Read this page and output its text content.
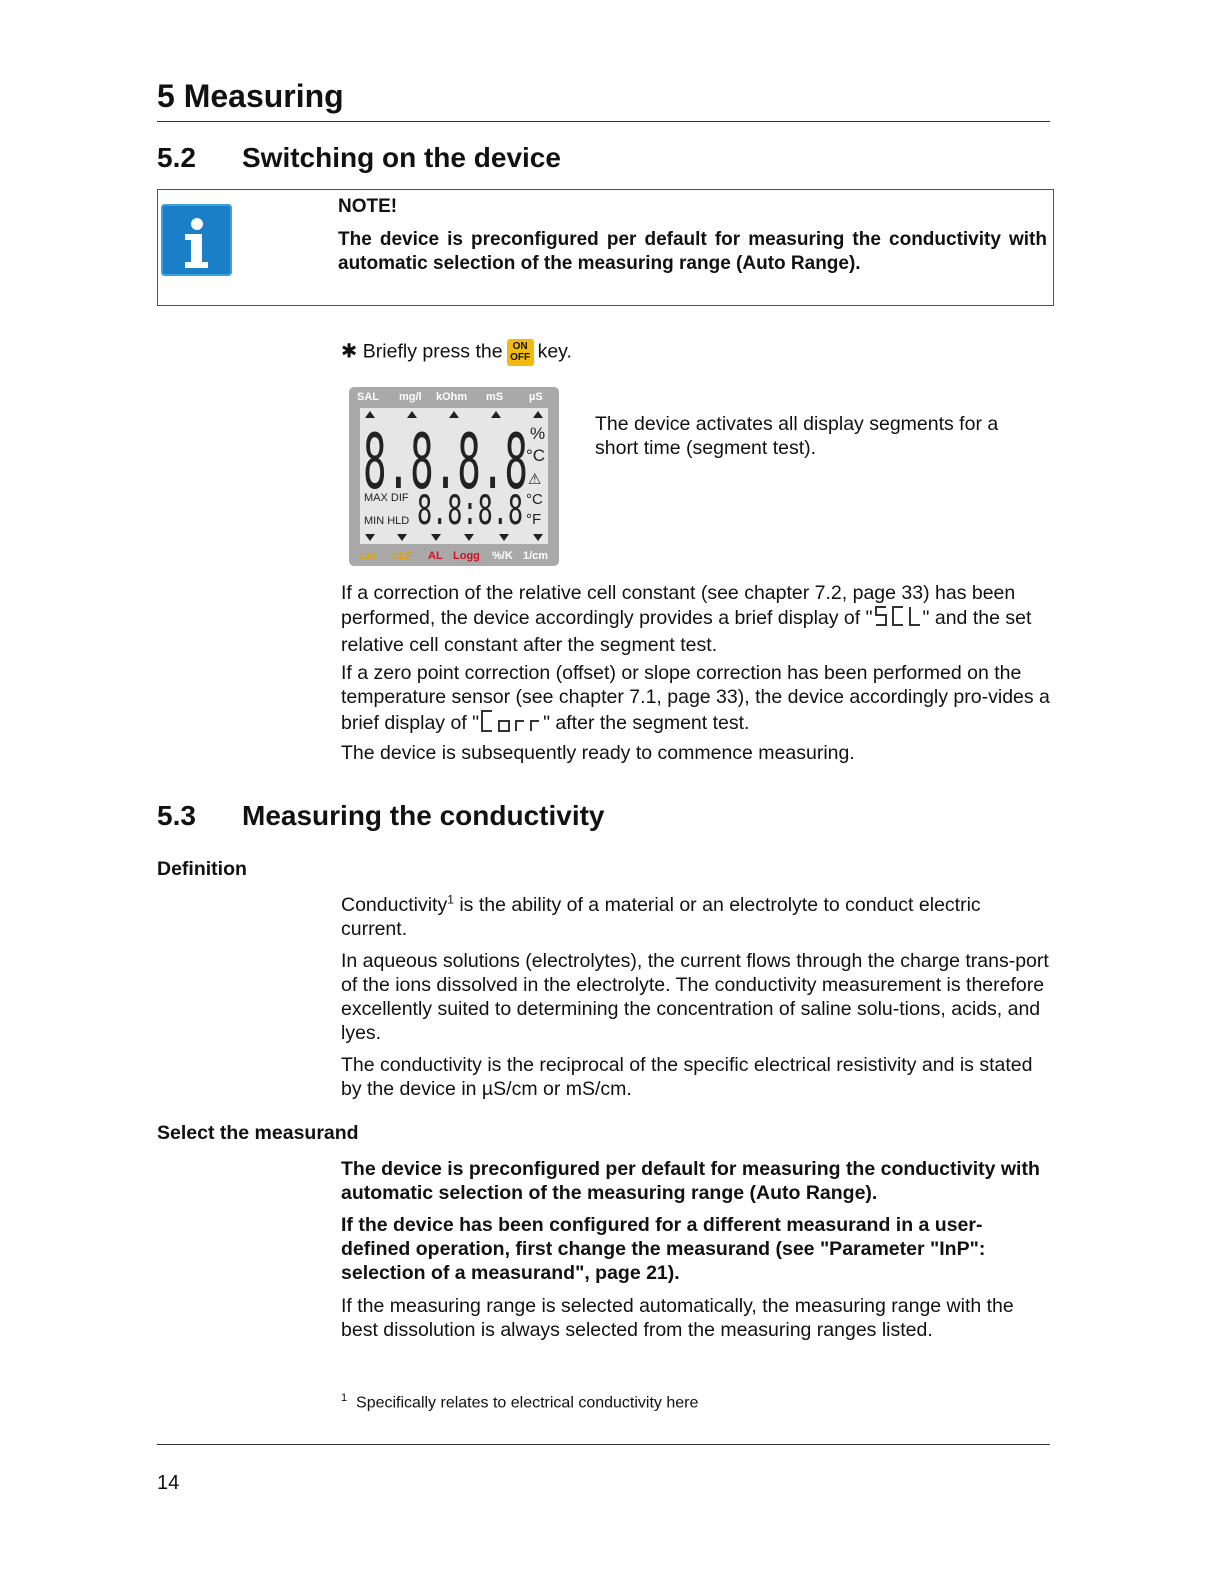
5 Measuring
5.2 Switching on the device
NOTE!
The device is preconfigured per default for measuring the conductivity with automatic selection of the measuring range (Auto Range).
✱ Briefly press the ON
OFF key.
SAL mg/l kOhm mS µS
8.8.8.8 %
°C
⚠
MAX DIF
MIN HLD 8.8:8.8 °C
°F
Lin nLF AL Logg %/K 1/cm
The device activates all display segments for a short time (segment test).
If a correction of the relative cell constant (see chapter 7.2, page 33) has been performed, the device accordingly provides a brief display of "	" and the set relative cell constant after the segment test.
If a zero point correction (offset) or slope correction has been performed on the temperature sensor (see chapter 7.1, page 33), the device accordingly pro-vides a brief display of "	" after the segment test.
The device is subsequently ready to commence measuring.
5.3 Measuring the conductivity
Definition
Conductivity$^1$ is the ability of a material or an electrolyte to conduct electric current.
In aqueous solutions (electrolytes), the current flows through the charge trans-port of the ions dissolved in the electrolyte. The conductivity measurement is therefore excellently suited to determining the concentration of saline solu-tions, acids, and lyes.
The conductivity is the reciprocal of the specific electrical resistivity and is stated by the device in µS/cm or mS/cm.
Select the measurand
The device is preconfigured per default for measuring the conductivity with automatic selection of the measuring range (Auto Range).
If the device has been configured for a different measurand in a user-defined operation, first change the measurand (see "Parameter "InP": selection of a measurand", page 21).
If the measuring range is selected automatically, the measuring range with the best dissolution is always selected from the measuring ranges listed.
$^1$ Specifically relates to electrical conductivity here
14
